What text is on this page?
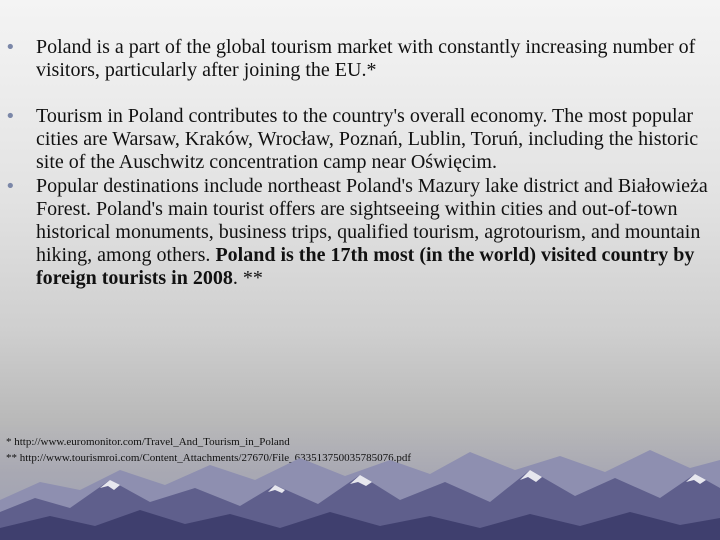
• Poland is a part of the global tourism market with constantly increasing number of visitors, particularly after joining the EU.*
• Tourism in Poland contributes to the country's overall economy. The most popular cities are Warsaw, Kraków, Wrocław, Poznań, Lublin, Toruń, including the historic site of the Auschwitz concentration camp near Oświęcim.
• Popular destinations include northeast Poland's Mazury lake district and Białowieża Forest. Poland's main tourist offers are sightseeing within cities and out-of-town historical monuments, business trips, qualified tourism, agrotourism, and mountain hiking, among others. Poland is the 17th most (in the world) visited country by foreign tourists in 2008. **
* http://www.euromonitor.com/Travel_And_Tourism_in_Poland
** http://www.tourismroi.com/Content_Attachments/27670/File_633513750035785076.pdf
